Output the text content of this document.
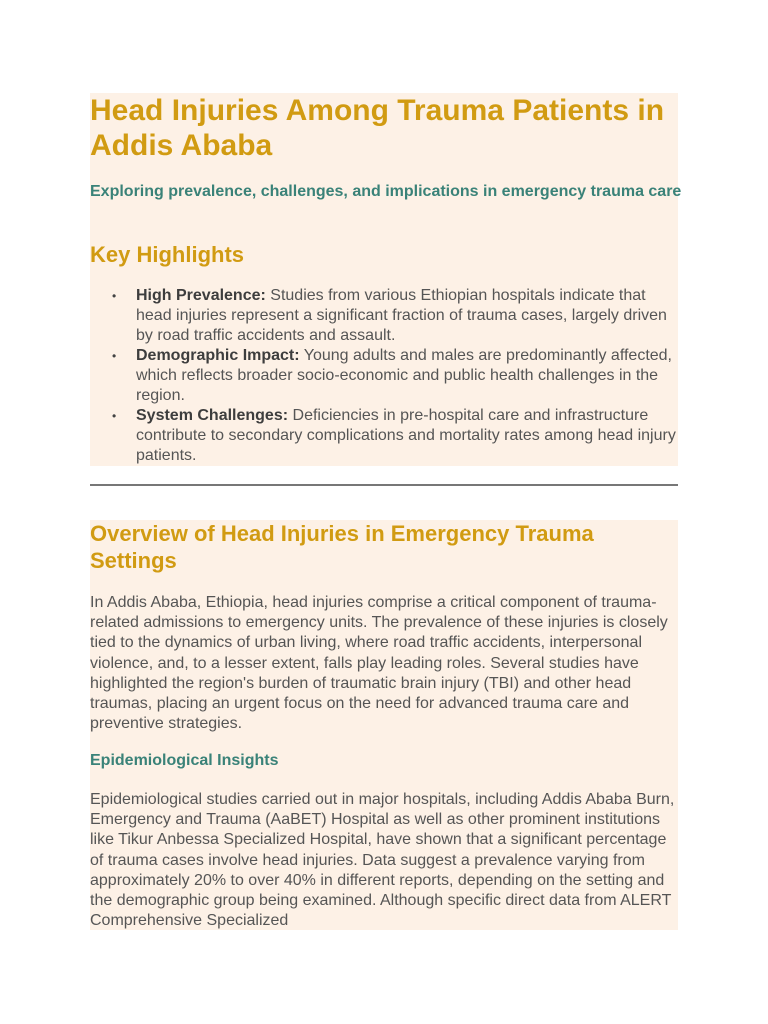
Head Injuries Among Trauma Patients in Addis Ababa
Exploring prevalence, challenges, and implications in emergency trauma care
Key Highlights
•	High Prevalence: Studies from various Ethiopian hospitals indicate that head injuries represent a significant fraction of trauma cases, largely driven by road traffic accidents and assault.
•	Demographic Impact: Young adults and males are predominantly affected, which reflects broader socio-economic and public health challenges in the region.
•	System Challenges: Deficiencies in pre-hospital care and infrastructure contribute to secondary complications and mortality rates among head injury patients.
Overview of Head Injuries in Emergency Trauma Settings
In Addis Ababa, Ethiopia, head injuries comprise a critical component of trauma-related admissions to emergency units. The prevalence of these injuries is closely tied to the dynamics of urban living, where road traffic accidents, interpersonal violence, and, to a lesser extent, falls play leading roles. Several studies have highlighted the region's burden of traumatic brain injury (TBI) and other head traumas, placing an urgent focus on the need for advanced trauma care and preventive strategies.
Epidemiological Insights
Epidemiological studies carried out in major hospitals, including Addis Ababa Burn, Emergency and Trauma (AaBET) Hospital as well as other prominent institutions like Tikur Anbessa Specialized Hospital, have shown that a significant percentage of trauma cases involve head injuries. Data suggest a prevalence varying from approximately 20% to over 40% in different reports, depending on the setting and the demographic group being examined. Although specific direct data from ALERT Comprehensive Specialized
